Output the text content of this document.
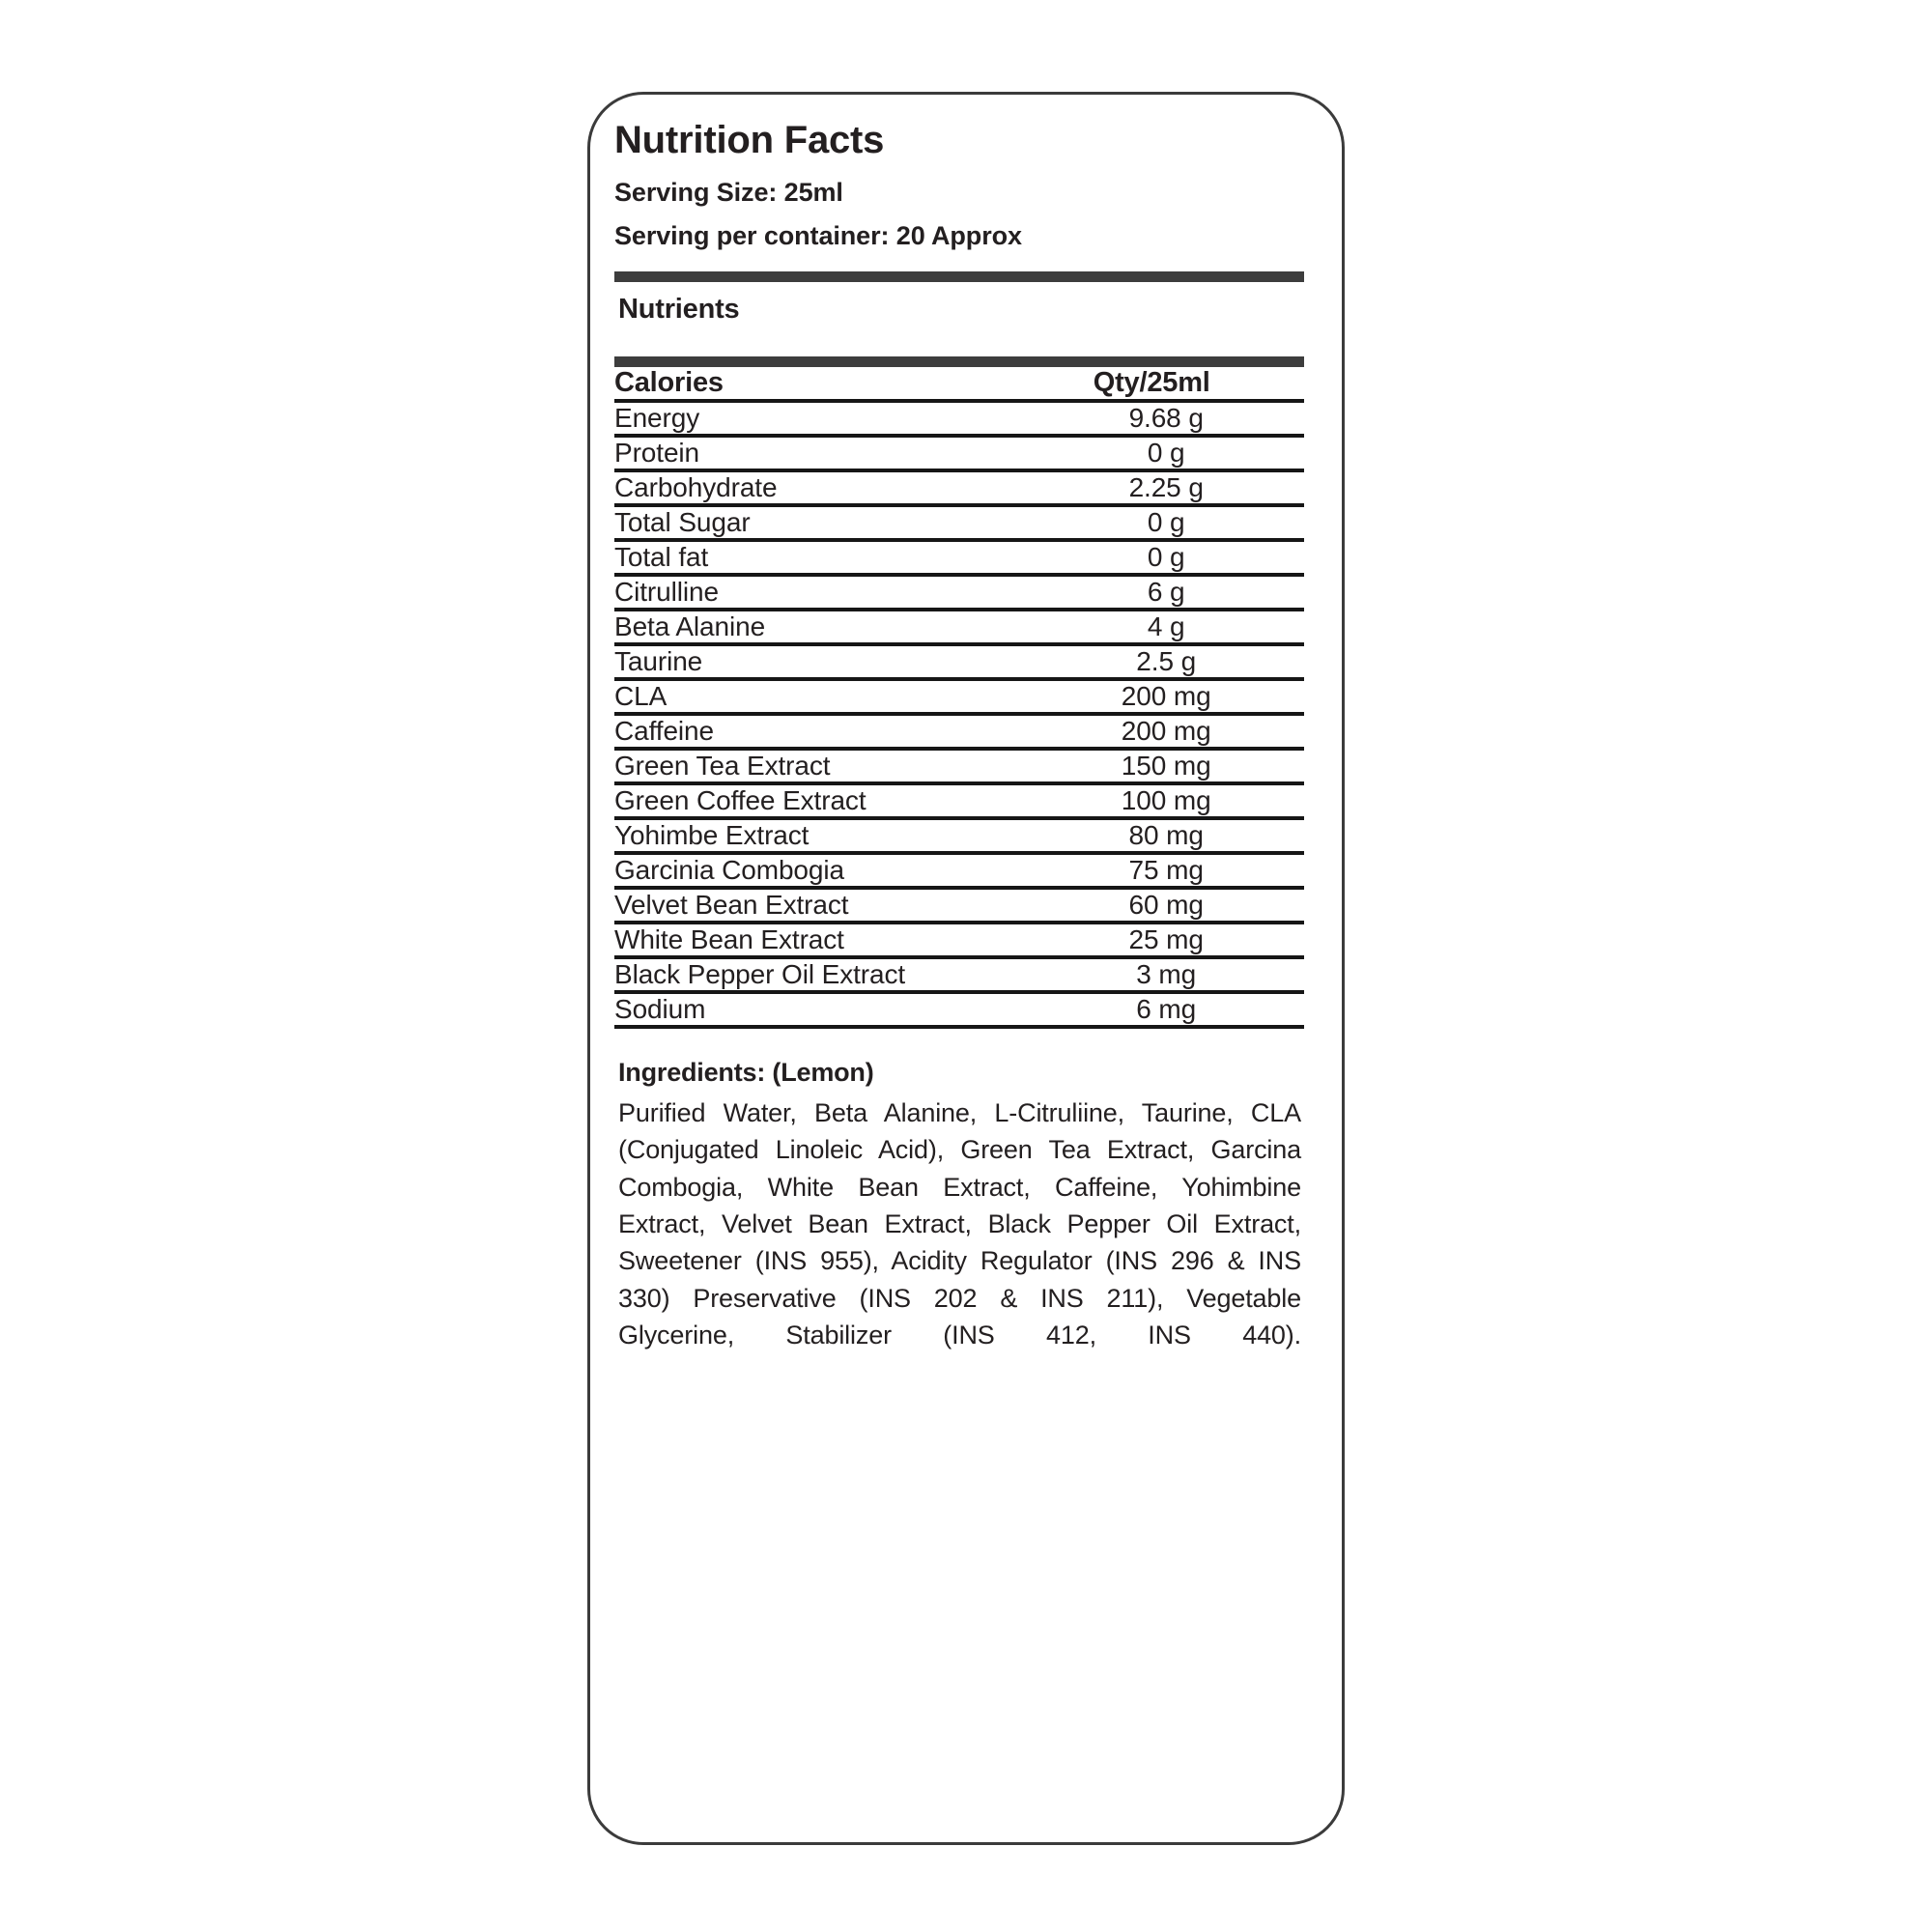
Nutrition Facts
Serving Size: 25ml
Serving per container: 20 Approx
Nutrients
Calories	Qty/25ml

Energy	9.68 g

Protein	0 g

Carbohydrate	2.25 g

Total Sugar	0 g

Total fat	0 g

Citrulline	6 g

Beta Alanine	4 g

Taurine	2.5 g

CLA	200 mg

Caffeine	200 mg

Green Tea Extract	150 mg

Green Coffee Extract	100 mg

Yohimbe Extract	80 mg

Garcinia Combogia	75 mg

Velvet Bean Extract	60 mg

White Bean Extract	25 mg

Black Pepper Oil Extract	3 mg

Sodium	6 mg

Ingredients: (Lemon)
Purified Water, Beta Alanine, L-Citruliine, Taurine, CLA (Conjugated Linoleic Acid), Green Tea Extract, Garcina Combogia, White Bean Extract, Caffeine, Yohimbine Extract, Velvet Bean Extract, Black Pepper Oil Extract, Sweetener (INS 955), Acidity Regulator (INS 296 & INS 330) Preservative (INS 202 & INS 211), Vegetable Glycerine, Stabilizer (INS 412, INS 440).
